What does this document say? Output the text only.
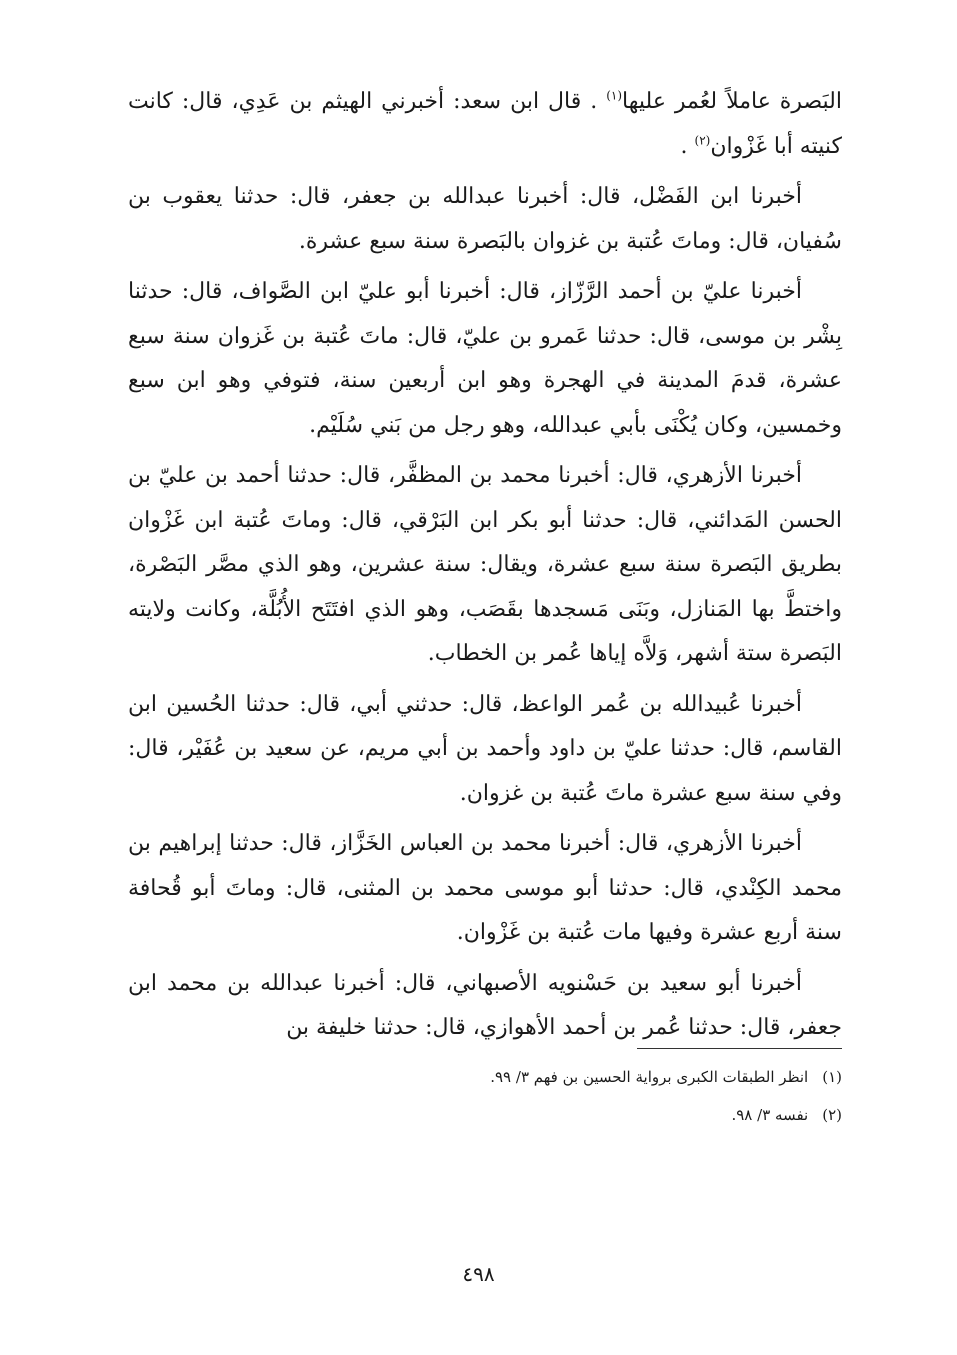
البَصرة عاملاً لعُمر عليها$^{(١)}$ . قال ابن سعد: أخبرني الهيثم بن عَدِي، قال: كانت كنيته أبا غَزْوان$^{(٢)}$ .

أخبرنا ابن الفَضْل، قال: أخبرنا عبدالله بن جعفر، قال: حدثنا يعقوب بن سُفيان، قال: وماتَ عُتبة بن غزوان بالبَصرة سنة سبع عشرة.

أخبرنا عليّ بن أحمد الرَّزّاز، قال: أخبرنا أبو عليّ ابن الصَّواف، قال: حدثنا بِشْر بن موسى، قال: حدثنا عَمرو بن عليّ، قال: ماتَ عُتبة بن غَزوان سنة سبع عشرة، قدمَ المدينة في الهجرة وهو ابن أربعين سنة، فتوفي وهو ابن سبع وخمسين، وكان يُكْنَى بأبي عبدالله، وهو رجل من بَني سُلَيْم.

أخبرنا الأزهري، قال: أخبرنا محمد بن المظفَّر، قال: حدثنا أحمد بن عليّ بن الحسن المَدائني، قال: حدثنا أبو بكر ابن البَرْقي، قال: وماتَ عُتبة ابن غَزْوان بطريق البَصرة سنة سبع عشرة، ويقال: سنة عشرين، وهو الذي مصَّر البَصْرة، واختطَّ بها المَنازل، وبَنَى مَسجدها بقَصَب، وهو الذي افتَتَح الأُبُلَّة، وكانت ولايته البَصرة ستة أشهر، وَلاَّه إياها عُمر بن الخطاب.

أخبرنا عُبيدالله بن عُمر الواعظ، قال: حدثني أبي، قال: حدثنا الحُسين ابن القاسم، قال: حدثنا عليّ بن داود وأحمد بن أبي مريم، عن سعيد بن عُفَيْر، قال: وفي سنة سبع عشرة ماتَ عُتبة بن غزوان.

أخبرنا الأزهري، قال: أخبرنا محمد بن العباس الخَزَّاز، قال: حدثنا إبراهيم بن محمد الكِنْدي، قال: حدثنا أبو موسى محمد بن المثنى، قال: وماتَ أبو قُحافة سنة أربع عشرة وفيها مات عُتبة بن غَزْوان.

أخبرنا أبو سعيد بن حَسْنويه الأصبهاني، قال: أخبرنا عبدالله بن محمد ابن جعفر، قال: حدثنا عُمر بن أحمد الأهوازي، قال: حدثنا خليفة بن

(١)انظر الطبقات الكبرى برواية الحسين بن فهم ٣/ ٩٩.

(٢)نفسه ٣/ ٩٨.

٤٩٨
